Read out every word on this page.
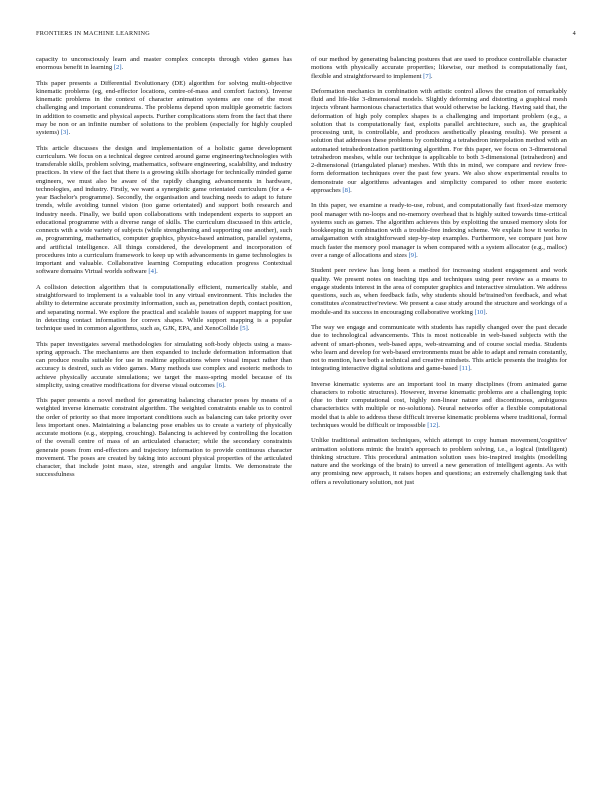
FRONTIERS IN MACHINE LEARNING	4

capacity to unconsciously learn and master complex concepts through video games has enormous benefit in learning [2].

This paper presents a Differential Evolutionary (DE) algorithm for solving multi-objective kinematic problems (eg, end-effector locations, centre-of-mass and comfort factors). Inverse kinematic problems in the context of character animation systems are one of the most challenging and important conundrums. The problems depend upon multiple geometric factors in addition to cosmetic and physical aspects. Further complications stem from the fact that there may be non or an infinite number of solutions to the problem (especially for highly coupled systems) [3].

This article discusses the design and implementation of a holistic game development curriculum. We focus on a technical degree centred around game engineering/technologies with transferable skills, problem solving, mathematics, software engineering, scalability, and industry practices. In view of the fact that there is a growing skills shortage for technically minded game engineers, we must also be aware of the rapidly changing advancements in hardware, technologies, and industry. Firstly, we want a synergistic game orientated curriculum (for a 4-year Bachelor's programme). Secondly, the organisation and teaching needs to adapt to future trends, while avoiding tunnel vision (too game orientated) and support both research and industry needs. Finally, we build upon collaborations with independent experts to support an educational programme with a diverse range of skills. The curriculum discussed in this article, connects with a wide variety of subjects (while strengthening and supporting one another), such as, programming, mathematics, computer graphics, physics-based animation, parallel systems, and artificial intelligence. All things considered, the development and incorporation of procedures into a curriculum framework to keep up with advancements in game technologies is important and valuable. Collaborative learning Computing education progress Contextual software domains Virtual worlds software [4].

A collision detection algorithm that is computationally efficient, numerically stable, and straightforward to implement is a valuable tool in any virtual environment. This includes the ability to determine accurate proximity information, such as, penetration depth, contact position, and separating normal. We explore the practical and scalable issues of support mapping for use in detecting contact information for convex shapes. While support mapping is a popular technique used in common algorithms, such as, GJK, EPA, and XenoCollide [5].

This paper investigates several methodologies for simulating soft-body objects using a mass-spring approach. The mechanisms are then expanded to include deformation information that can produce results suitable for use in realtime applications where visual impact rather than accuracy is desired, such as video games. Many methods use complex and esoteric methods to achieve physically accurate simulations; we target the mass-spring model because of its simplicity, using creative modifications for diverse visual outcomes [6].

This paper presents a novel method for generating balancing character poses by means of a weighted inverse kinematic constraint algorithm. The weighted constraints enable us to control the order of priority so that more important conditions such as balancing can take priority over less important ones. Maintaining a balancing pose enables us to create a variety of physically accurate motions (e.g., stepping, crouching). Balancing is achieved by controlling the location of the overall centre of mass of an articulated character; while the secondary constraints generate poses from end-effectors and trajectory information to provide continuous character movement. The poses are created by taking into account physical properties of the articulated character, that include joint mass, size, strength and angular limits. We demonstrate the successfulness

of our method by generating balancing postures that are used to produce controllable character motions with physically accurate properties; likewise, our method is computationally fast, flexible and straightforward to implement [7].

Deformation mechanics in combination with artistic control allows the creation of remarkably fluid and life-like 3-dimensional models. Slightly deforming and distorting a graphical mesh injects vibrant harmonious characteristics that would otherwise be lacking. Having said that, the deformation of high poly complex shapes is a challenging and important problem (e.g., a solution that is computationally fast, exploits parallel architecture, such as, the graphical processing unit, is controllable, and produces aesthetically pleasing results). We present a solution that addresses these problems by combining a tetrahedron interpolation method with an automated tetrahedronization partitioning algorithm. For this paper, we focus on 3-dimensional tetrahedron meshes, while our technique is applicable to both 3-dimensional (tetrahedron) and 2-dimensional (triangulated planar) meshes. With this in mind, we compare and review free-form deformation techniques over the past few years. We also show experimental results to demonstrate our algorithms advantages and simplicity compared to other more esoteric approaches [8].

In this paper, we examine a ready-to-use, robust, and computationally fast fixed-size memory pool manager with no-loops and no-memory overhead that is highly suited towards time-critical systems such as games. The algorithm achieves this by exploiting the unused memory slots for bookkeeping in combination with a trouble-free indexing scheme. We explain how it works in amalgamation with straightforward step-by-step examples. Furthermore, we compare just how much faster the memory pool manager is when compared with a system allocator (e.g., malloc) over a range of allocations and sizes [9].

Student peer review has long been a method for increasing student engagement and work quality. We present notes on teaching tips and techniques using peer review as a means to engage students interest in the area of computer graphics and interactive simulation. We address questions, such as, when feedback fails, why students should be'trained'on feedback, and what constitutes a'constructive'review. We present a case study around the structure and workings of a module-and its success in encouraging collaborative working [10].

The way we engage and communicate with students has rapidly changed over the past decade due to technological advancements. This is most noticeable in web-based subjects with the advent of smart-phones, web-based apps, web-streaming and of course social media. Students who learn and develop for web-based environments must be able to adapt and remain constantly, not to mention, have both a technical and creative mindsets. This article presents the insights for integrating interactive digital solutions and game-based [11].

Inverse kinematic systems are an important tool in many disciplines (from animated game characters to robotic structures). However, inverse kinematic problems are a challenging topic (due to their computational cost, highly non-linear nature and discontinuous, ambiguous characteristics with multiple or no-solutions). Neural networks offer a flexible computational model that is able to address these difficult inverse kinematic problems where traditional, formal techniques would be difficult or impossible [12].

Unlike traditional animation techniques, which attempt to copy human movement,'cognitive' animation solutions mimic the brain's approach to problem solving, i.e., a logical (intelligent) thinking structure. This procedural animation solution uses bio-inspired insights (modelling nature and the workings of the brain) to unveil a new generation of intelligent agents. As with any promising new approach, it raises hopes and questions; an extremely challenging task that offers a revolutionary solution, not just
